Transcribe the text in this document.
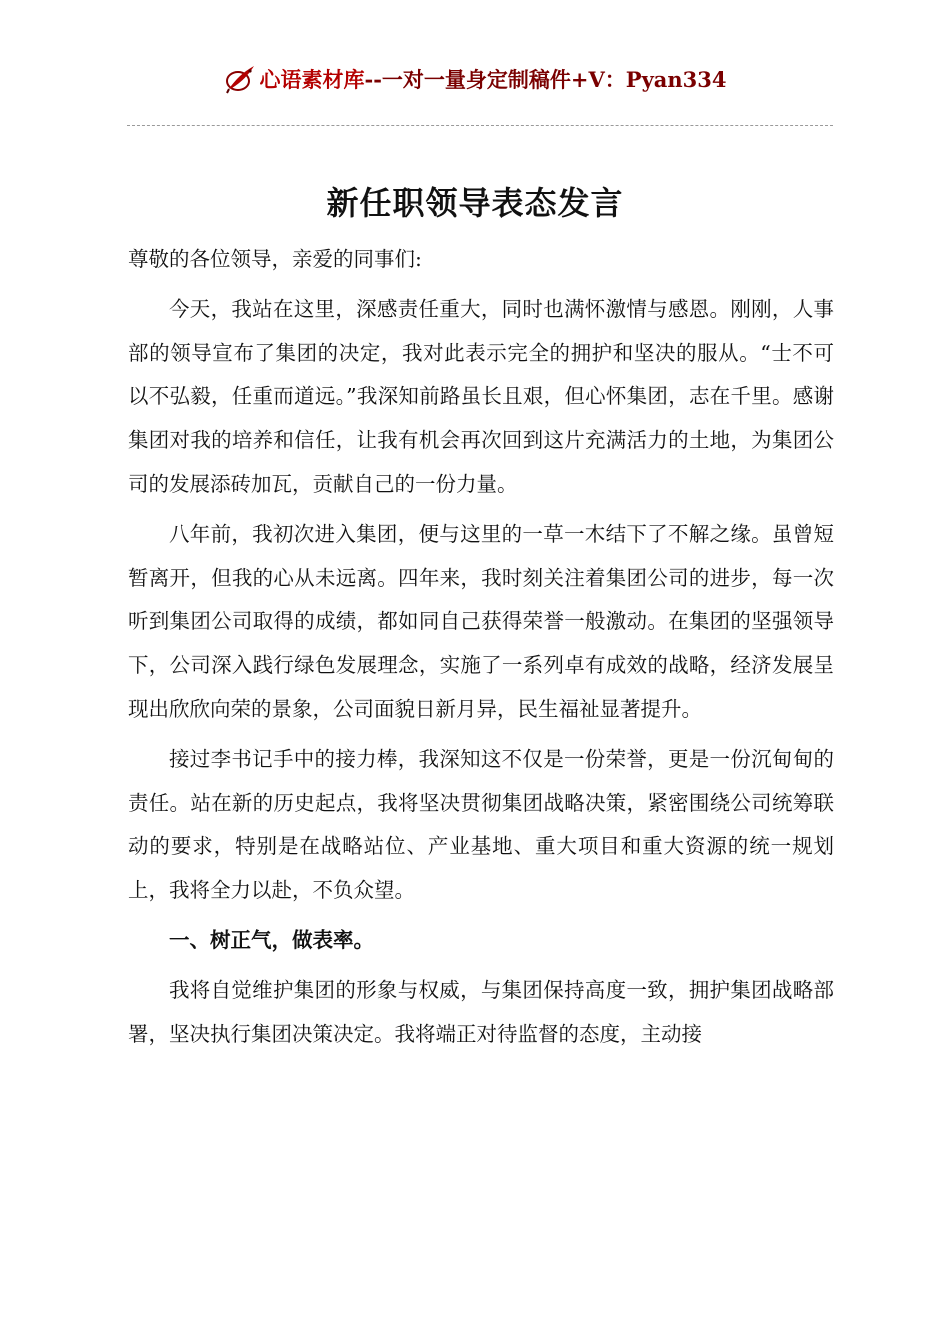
心语素材库--一对一量身定制稿件+V：Pyan334
新任职领导表态发言

尊敬的各位领导，亲爱的同事们:

今天，我站在这里，深感责任重大，同时也满怀激情与感恩。刚刚，人事部的领导宣布了集团的决定，我对此表示完全的拥护和坚决的服从。“士不可以不弘毅，任重而道远。”我深知前路虽长且艰，但心怀集团，志在千里。感谢集团对我的培养和信任，让我有机会再次回到这片充满活力的土地，为集团公司的发展添砖加瓦，贡献自己的一份力量。

八年前，我初次进入集团，便与这里的一草一木结下了不解之缘。虽曾短暂离开，但我的心从未远离。四年来，我时刻关注着集团公司的进步，每一次听到集团公司取得的成绩，都如同自己获得荣誉一般激动。在集团的坚强领导下，公司深入践行绿色发展理念，实施了一系列卓有成效的战略，经济发展呈现出欣欣向荣的景象，公司面貌日新月异，民生福祉显著提升。

接过李书记手中的接力棒，我深知这不仅是一份荣誉，更是一份沉甸甸的责任。站在新的历史起点，我将坚决贯彻集团战略决策，紧密围绕公司统筹联动的要求，特别是在战略站位、产业基地、重大项目和重大资源的统一规划上，我将全力以赴，不负众望。

一、树正气，做表率。

我将自觉维护集团的形象与权威，与集团保持高度一致，拥护集团战略部署，坚决执行集团决策决定。我将端正对待监督的态度，主动接
